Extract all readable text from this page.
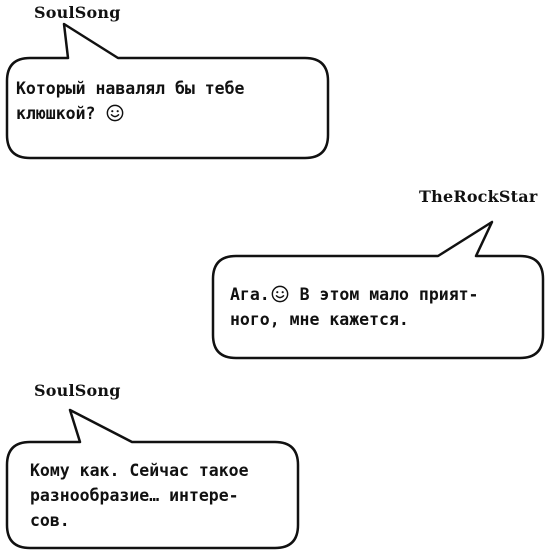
SoulSong
Который навалял бы тебе
клюшкой?
TheRockStar
Ага. В этом мало прият-
ного, мне кажется.
SoulSong
Кому как. Сейчас такое
разнообразие… интере-
сов.
